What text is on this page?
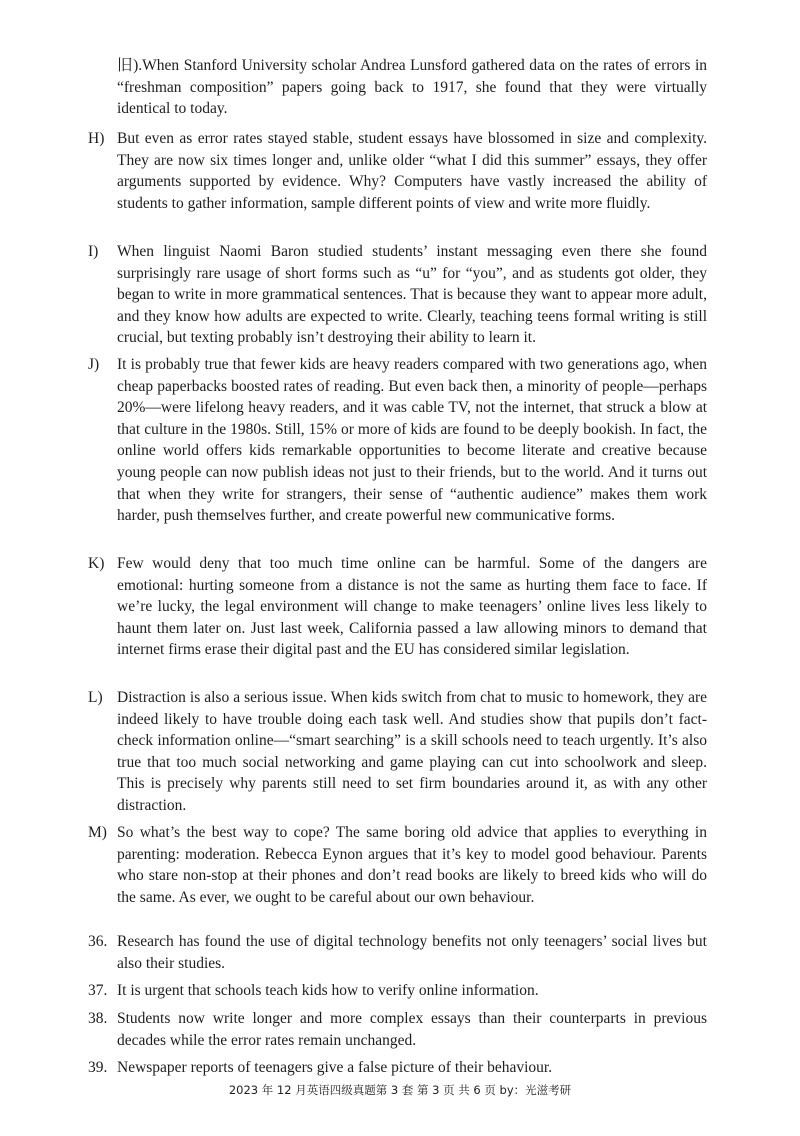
旧).When Stanford University scholar Andrea Lunsford gathered data on the rates of errors in “freshman composition” papers going back to 1917, she found that they were virtually identical to today.
H) But even as error rates stayed stable, student essays have blossomed in size and complexity. They are now six times longer and, unlike older “what I did this summer” essays, they offer arguments supported by evidence. Why? Computers have vastly increased the ability of students to gather information, sample different points of view and write more fluidly.
I)	When linguist Naomi Baron studied students’ instant messaging even there she found surprisingly rare usage of short forms such as “u” for “you”, and as students got older, they began to write in more grammatical sentences. That is because they want to appear more adult, and they know how adults are expected to write. Clearly, teaching teens formal writing is still crucial, but texting probably isn’t destroying their ability to learn it.
J)	It is probably true that fewer kids are heavy readers compared with two generations ago, when cheap paperbacks boosted rates of reading. But even back then, a minority of people—perhaps 20%—were lifelong heavy readers, and it was cable TV, not the internet, that struck a blow at that culture in the 1980s. Still, 15% or more of kids are found to be deeply bookish. In fact, the online world offers kids remarkable opportunities to become literate and creative because young people can now publish ideas not just to their friends, but to the world. And it turns out that when they write for strangers, their sense of “authentic audience” makes them work harder, push themselves further, and create powerful new communicative forms.
K) Few would deny that too much time online can be harmful. Some of the dangers are emotional: hurting someone from a distance is not the same as hurting them face to face. If we’re lucky, the legal environment will change to make teenagers’ online lives less likely to haunt them later on. Just last week, California passed a law allowing minors to demand that internet firms erase their digital past and the EU has considered similar legislation.
L) Distraction is also a serious issue. When kids switch from chat to music to homework, they are indeed likely to have trouble doing each task well. And studies show that pupils don’t fact-check information online—“smart searching” is a skill schools need to teach urgently. It’s also true that too much social networking and game playing can cut into schoolwork and sleep. This is precisely why parents still need to set firm boundaries around it, as with any other distraction.
M) So what’s the best way to cope? The same boring old advice that applies to everything in parenting: moderation. Rebecca Eynon argues that it’s key to model good behaviour. Parents who stare non-stop at their phones and don’t read books are likely to breed kids who will do the same. As ever, we ought to be careful about our own behaviour.
36. Research has found the use of digital technology benefits not only teenagers’ social lives but also their studies.
37. It is urgent that schools teach kids how to verify online information.
38. Students now write longer and more complex essays than their counterparts in previous decades while the error rates remain unchanged.
39. Newspaper reports of teenagers give a false picture of their behaviour.
2023 年 12 月英语四级真题第 3 套 第 3 页 共 6 页 by：光滋考研
